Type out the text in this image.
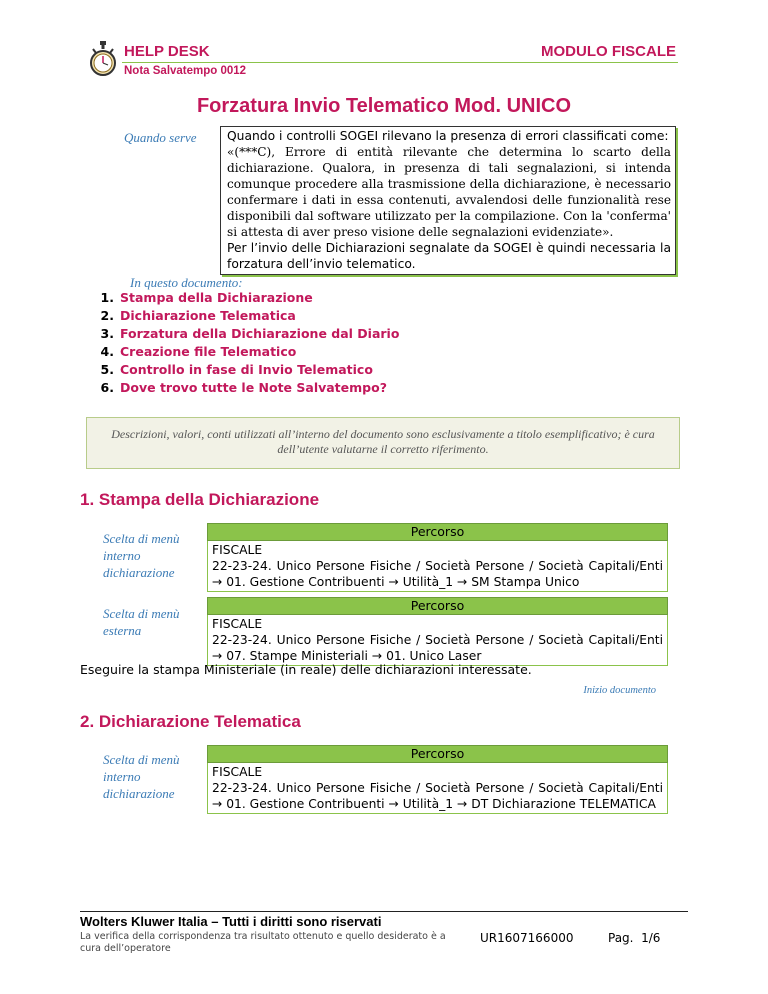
HELP DESK	MODULO FISCALE
Nota Salvatempo 0012
Forzatura Invio Telematico Mod. UNICO
Quando serve Quando i controlli SOGEI rilevano la presenza di errori classificati come:
«(***C), Errore di entità rilevante che determina lo scarto della dichiarazione. Qualora, in presenza di tali segnalazioni, si intenda comunque procedere alla trasmissione della dichiarazione, è necessario confermare i dati in essa contenuti, avvalendosi delle funzionalità rese disponibili dal software utilizzato per la compilazione. Con la 'conferma' si attesta di aver preso visione delle segnalazioni evidenziate».
Per l’invio delle Dichiarazioni segnalate da SOGEI è quindi necessaria la forzatura dell’invio telematico.
In questo documento:
1. Stampa della Dichiarazione
2. Dichiarazione Telematica
3. Forzatura della Dichiarazione dal Diario
4. Creazione file Telematico
5. Controllo in fase di Invio Telematico
6. Dove trovo tutte le Note Salvatempo?
Descrizioni, valori, conti utilizzati all’interno del documento sono esclusivamente a titolo esemplificativo; è cura dell’utente valutarne il corretto riferimento.
1. Stampa della Dichiarazione
Scelta di menù interno dichiarazione
Percorso
FISCALE
22-23-24. Unico Persone Fisiche / Società Persone / Società Capitali/Enti → 01. Gestione Contribuenti → Utilità_1 → SM Stampa Unico
Scelta di menù esterna
Percorso
FISCALE
22-23-24. Unico Persone Fisiche / Società Persone / Società Capitali/Enti → 07. Stampe Ministeriali → 01. Unico Laser
Eseguire la stampa Ministeriale (in reale) delle dichiarazioni interessate.
Inizio documento
2. Dichiarazione Telematica
Scelta di menù interno dichiarazione
Percorso
FISCALE
22-23-24. Unico Persone Fisiche / Società Persone / Società Capitali/Enti → 01. Gestione Contribuenti → Utilità_1 → DT Dichiarazione TELEMATICA
Wolters Kluwer Italia – Tutti i diritti sono riservati
La verifica della corrispondenza tra risultato ottenuto e quello desiderato è a cura dell’operatore
UR1607166000	Pag.  1/6
